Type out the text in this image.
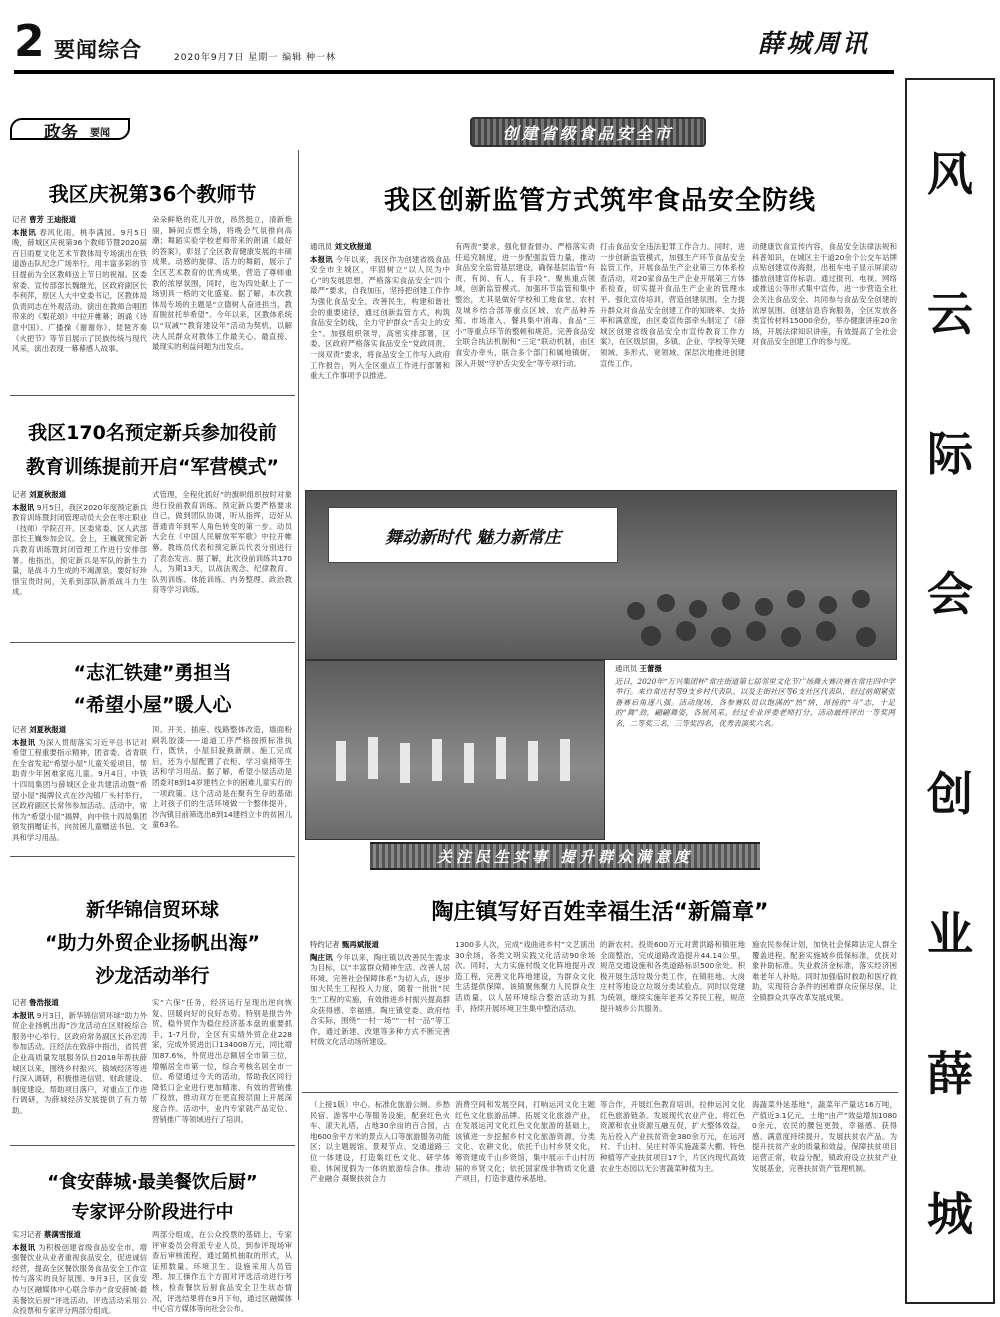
2 要闻综合	2020年9月7日 星期一 编辑 种一林	薛城周讯
风
云
际
会
创
业
薛
城
政务 要闻	创建省级食品安全市
我区庆祝第36个教师节
记者 曹芳 王迪报道
本报讯 春风化雨，桃李满园。9月5日晚，薛城区庆祝第36个教师节暨2020届百日雨夏文化艺术节教体局专场演出在铁道游击队纪念广场举行。用丰富多彩的节目提前为全区教师送上节日的祝福。区委常委、宣传部部长魏继光，区政府副区长李利萍，原区人大中党委书记，区教体局负责同志在外观活动。演出在教师合唱团带来的《梨花颂》中拉开帷幕；朗诵《诗意中国》、广播操《谢谢你》、琵琶齐奏《火把节》等节目展示了民族传统与现代风采，演出表现一幕幕感人故事。
朵朵鲜艳的花儿开放，昂然挺立，清新艳丽，瞬间点燃全场，将晚会气氛推向高潮；舞蹈实验学校老师带来的朗诵《最好的答案》，彰显了全区教育健康发展的丰硕成果。动感的旋律、活力的舞蹈，展示了全区艺术教育的优秀成果，营造了尊师重教的浓厚氛围，同时，也为四处献上了一场别具一格的文化盛宴。据了解，本次教体局专场的主题是“立德树人奋进担当，教育脱贫托举希望”。今年以来，区教体系统以“双减”“教育建设年”活动为契机，以解决人民群众对教体工作最关心、最直接、最现实的利益问题为出发点。
我区170名预定新兵参加役前
教育训练提前开启“军营模式”
记者 刘夏秋报道
本报讯 9月5日，我区2020年度预定新兵教育训练暨封闭管理动员大会在枣庄职业（技师）学院召开。区委常委、区人武部部长王巍参加会议。会上，王巍就预定新兵教育训练暨封闭管理工作进行安排部署。他指出，预定新兵是军队的新生力量，是战斗力生成的不竭源泉，要好好珍惜宝贵时间，关系到部队新质战斗力生成。
式管理，全程化抓好“的旗帜组织按时对象进行役前教育训练。预定新兵要严格要求自己，做到团队协调，听从指挥，迈好从普通青年到军人角色转变的第一步。动员大会在《中国人民解放军军歌》中拉开帷幕。教练员代表和预定新兵代表分别进行了表态发言。据了解，此次役前训练共170人，为期13天，以战法观念、纪律教育、队列训练、体能训练、内务整理、政治教育等学习训练。
“志汇铁建”勇担当
“希望小屋”暖人心
记者 刘夏秋报道
本报讯 为深入贯彻落实习近平总书记对希望工程重要指示精神，团省委、省青联在全省发起“希望小屋”儿童关爱项目，帮助青少年困难家庭儿童。9月4日，中铁十四局集团与薛城区企业共建活动暨“希望小屋”揭牌仪式在沙沟镇厂头村举行。区政府副区长常伟参加活动。活动中，常伟为“希望小屋”揭牌，向中铁十四局集团颁发捐赠证书，向贫困儿童赠送书包、文具和学习用品。
顶、开关、插座、线路整体改造，墙面粉刷乳胶漆——道道工序严格按照标准执行，既快，小屋旧貌换新颜。施工完成后，还为小屋配置了衣柜、学习桌椅等生活和学习用品。据了解，希望小屋活动是团委对8到14岁建档立卡的困难儿童实行的一项政策。这个活动是在聚有生存的基础上对孩子们的生活环境做一个整体提升，沙沟镇目前筛选出8到14建档立卡的贫困儿童63名。
新华锦信贸环球
“助力外贸企业扬帆出海”
沙龙活动举行
记者 鲁浩报道
本报讯 9月3日，新华锦信贸环球“助力外贸企业扬帆出海”沙龙活动在区财税综合服务中心举行。区政府常务副区长孙宏涛参加活动。汪经法在致辞中指出，省民营企业高质量发展服务队自2018年帮扶薛城区以来，围绕乡村振兴、镇域经济等进行深入调研，积极推进信贸、财政建设、制度建设，帮助项目落户，对重点工作进行调研，为薛城经济发展提供了有力帮助。
实“六保”任务，经济运行呈现出逆向恢复、回暖向好的良好态势。特别是报告外贸，稳外贸作为稳住经济基本盘的重要抓手，1-7月份，全区有实绩外贸企业228家，完成外贸进出口134008万元，同比增加87.6%，外贸进出总额居全市第三位，增幅居全市第一位，综合考核名居全市一位。希望通过今天的活动，帮助我区同行降低口企业进行更加精准、有效的营销推广投放，推动双方在更直接层面上开展深度合作。活动中，业内专家就产品定位、营销推广等领域进行了培训。
“食安薛城·最美餐饮后厨”
专家评分阶段进行中
实习记者 蔡满雪报道
本报讯 为积极创建省级食品安全市，增强餐饮业从业者重视食品安全，促进诚信经营，提高全区餐饮服务食品安全工作宣传与落实的良好氛围。9月3日，区食安办与区融媒体中心联合举办“食安薛城·最美餐饮后厨”评选活动。评选活动采用公众投票和专家评分两部分组成。
两部分组成，在公众投票的基础上，专家评审委员会将派专业人员，到参评现场审查后审核流程、通过随机抽取的形式，从证照数量、环境卫生、设施采用人员管理、加工操作五个方面对评选活动进行考核，检查餐饮后厨食品安全卫生状态情况，评选结果将在9月下旬，通过区融媒体中心官方媒体等向社会公布。
我区创新监管方式筑牢食品安全防线
通讯员 刘文欣报道
本报讯 今年以来，我区作为创建省级食品安全市主城区，牢固树立“以人民为中心”的发展思想，严格落实食品安全“四个最严”要求，自我加压，坚持把创建工作作为强化食品安全，改善民生，构建和谐社会的重要途径，通过创新监管方式，构筑食品安全防线，全力守护群众“舌尖上的安全”。加强组织领导，高密实排部署，区委、区政府严格落实食品安全“党政同责、一岗双责”要求，将食品安全工作写入政府工作报告，列入全区重点工作进行部署和重大工作事项予以推进。
有两责”要求，强化督查督办、严格落实责任追究制度，进一步配强监管力量，推动食品安全监管基层建设，确保基层监管“有责、有岗、有人、有手段”。聚焦重点领域，创新监管模式。加强环节监管和集中整治，尤其是做好学校和工地食堂、农村及城乡结合部等重点区域、农产品种养殖、市场准入、餐具集中消毒、食品“三小”等重点环节的整顿和规范。完善食品安全联合执法机制和“三定”联动机制，由区食安办牵头，联合多个部门和属地镇街，深入开展“守护舌尖安全”等专项行动。
打击食品安全违法犯罪工作合力。同时，进一步创新监管模式，加强生产环节食品安全监管工作，开展食品生产企业第三方体系检查活动，对20家食品生产企业开展第三方体系检查，切实提升食品生产企业的管理水平。强化宣传培训，营造创建氛围。全力提升群众对食品安全创建工作的知晓率、支持率和满意度，由区委宣传部牵头制定了《薛城区创建省级食品安全市宣传教育工作方案》，在区级层面，多镇、企业、学校等关键领域、多形式、宽领域、深层次地推进创建宣传工作。
动健康饮食宣传内容，食品安全法律法规和科普知识，在城区主干道20余个公交车站牌点贴创建宣传海报，出租车电子显示屏滚动播放创建宣传标语。通过报刊、电视、网络或推送公等形式集中宣传，进一步营造全社会关注食品安全、共同参与食品安全创建的浓厚氛围。创建信息咨询服务，全区发放各类宣传材料15000余份，举办健康讲座20余场，开展法律知识讲座，有效提高了全社会对食品安全创建工作的参与度。
舞动新时代 魅力新常庄
通讯员 王蕾摄
近日，2020年“万兴集团杯”常庄街道第七届邻里文化节广场舞大赛决赛在常庄四中学举行。来自常庄村等9支乡村代表队、以及主街社区等6支社区代表队，经过前期紧张备赛后角逐八强。活动现场，各参赛队员以饱满的“热”情、昂扬的“斗”志，十足的“舞”劲，翩翩舞姿，各展风采。经过专业评委老师打分，活动最终评出一等奖两名，二等奖三名，三等奖四名，优秀表演奖六名。
关注民生实事 提升群众满意度
陶庄镇写好百姓幸福生活“新篇章”
特约记者 甄再斌报道
陶庄讯 今年以来，陶庄镇以改善民生需求为目标，以“丰富群众精神生活、改善人居环境、完善社会保障体系”为切入点，逐步加大民生工程投入力度，随着一批批“民生”工程的实施，有效推进乡村振兴提高群众获得感、幸福感。陶庄镇党委、政府结合实际，围绕“一村一场”“一村一品”等工作，通过新建、改建等多种方式不断完善村级文化活动场所建设。
1300多人次，完成“戏曲进乡村”文艺演出30余场，各类文明实践文化活动90余场次。同时，大力实施村级文化阵地提升改造工程，完善文化阵地建设，为群众文化生活提供保障。该镇聚焦聚力人民群众生活质量，以人居环境综合整治活动为抓手，持续开展环境卫生集中整治活动。
的新农村。投资600万元对黄洪路和镇驻地全面整治，完成道路改造提升44.14公里，规范交通设施和各类道路标识500余处。积极开展生活垃圾分类工作，在镇驻地、大岗庄村等地设立垃圾分类试验点。同时以党建为统领，继续实施年老养父养民工程，规范提升城乡公共服务。
施农民参保计划，加快社会保障法定人群全覆盖进程。配套实施城乡低保标准，优抚对象补助标准。失业救济金标准，落实经济困难老年人补贴。同时加强临时救助和医疗救助，实现符合条件的困难群众应保尽保，让全镇群众共享改革发展成果。
（上接1版）中心、标准化旅游公厕、乡愁民宿、游客中心等服务设施，配套红色火车、滚天礼塔，占地30余亩的百合园，占地600余平方米的景点入口等旅游服务功能区；以主题展馆、景观节点、交通道路三位一体建设，打造集红色文化、研学体验、休闲度假为一体的旅游综合体。推动产业融合 凝聚扶贫合力
消费空间和发展空间，打响运河文化主题红色文化旅游品牌。拓展文化旅游产业，在发展运河文化红色文化旅游的基础上，该镇进一步挖掘乡村文化旅游资源，分类文化、农耕文化，依托千山村乡贤文化，筹资建成千山乡贤馆，集中展示千山村历届的乡贤文化；依托国家级非物质文化遗产项目，打造非遗传承基地。
等合作，开展红色教育培训，拉伸运河文化红色旅游链条。发展现代农业产业。将红色资源和农业资源互融互促，扩大整体效益，先后投入产业扶贫资金380余万元，在运河村、千山村、吴庄村等实施蔬菜大棚、特色种植等产业扶贫项目17个，片区内现代高效农业生态园以无公害蔬菜种植为主。
海蔬菜外延基地”，蔬菜年产量达16万吨，产值近3.1亿元，土地“由产”效益增加10800余元，农民的腰包更鼓，幸福感、获得感、满意度持续提升。发展扶贫农产品。为提升扶贫产业的质量和效益，保障扶贫项目运营正常，收益分配，镇政府设立扶贫产业发展基金，完善扶贫资产管理机制。
